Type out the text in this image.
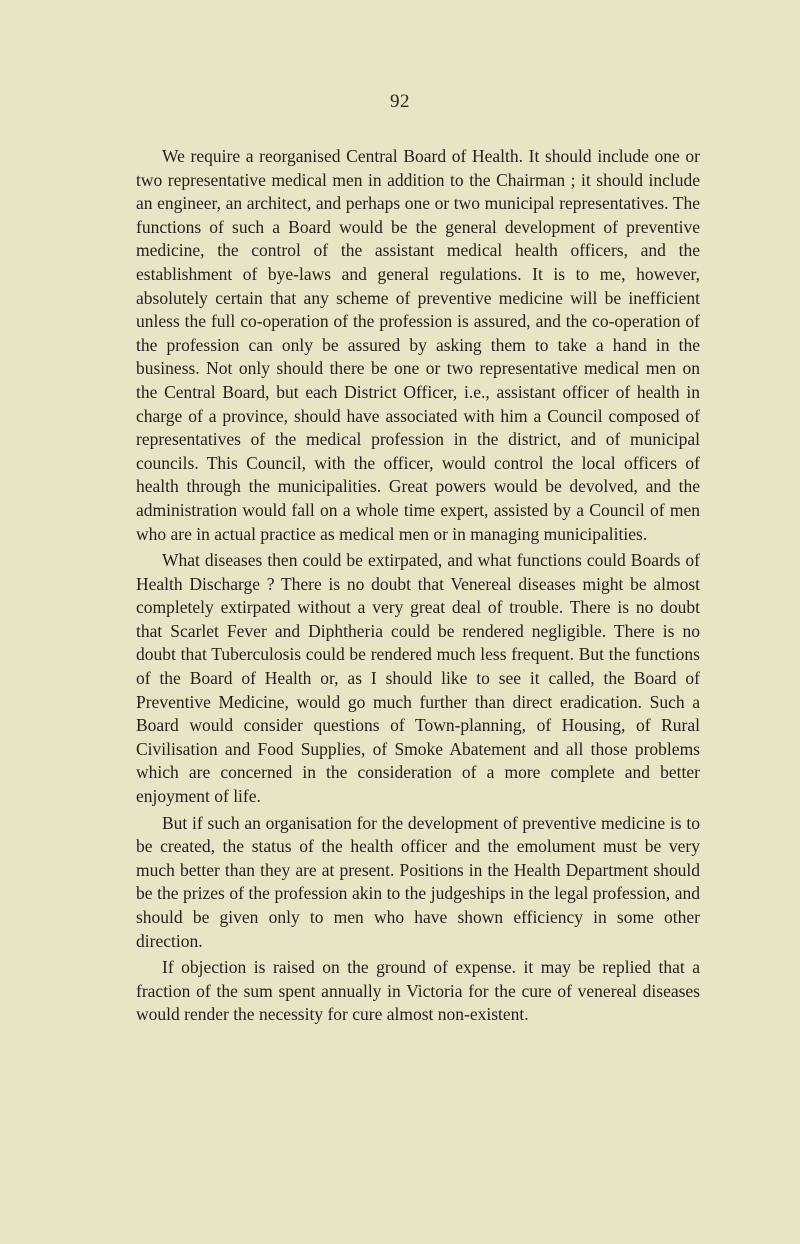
92

We require a reorganised Central Board of Health. It should include one or two representative medical men in addition to the Chairman ; it should include an engineer, an architect, and perhaps one or two municipal representatives. The functions of such a Board would be the general development of preventive medicine, the control of the assistant medical health officers, and the establishment of bye-laws and general regulations. It is to me, however, absolutely certain that any scheme of preventive medicine will be inefficient unless the full co-operation of the profession is assured, and the co-operation of the profession can only be assured by asking them to take a hand in the business. Not only should there be one or two representative medical men on the Central Board, but each District Officer, i.e., assistant officer of health in charge of a province, should have associated with him a Council composed of representatives of the medical profession in the district, and of municipal councils. This Council, with the officer, would control the local officers of health through the municipalities. Great powers would be devolved, and the administration would fall on a whole time expert, assisted by a Council of men who are in actual practice as medical men or in managing municipalities.

What diseases then could be extirpated, and what functions could Boards of Health Discharge ? There is no doubt that Venereal diseases might be almost completely extirpated without a very great deal of trouble. There is no doubt that Scarlet Fever and Diphtheria could be rendered negligible. There is no doubt that Tuberculosis could be rendered much less frequent. But the functions of the Board of Health or, as I should like to see it called, the Board of Preventive Medicine, would go much further than direct eradication. Such a Board would consider questions of Town-planning, of Housing, of Rural Civilisation and Food Supplies, of Smoke Abatement and all those problems which are concerned in the consideration of a more complete and better enjoyment of life.

But if such an organisation for the development of preventive medicine is to be created, the status of the health officer and the emolument must be very much better than they are at present. Positions in the Health Department should be the prizes of the profession akin to the judgeships in the legal profession, and should be given only to men who have shown efficiency in some other direction.

If objection is raised on the ground of expense. it may be replied that a fraction of the sum spent annually in Victoria for the cure of venereal diseases would render the necessity for cure almost non-existent.
